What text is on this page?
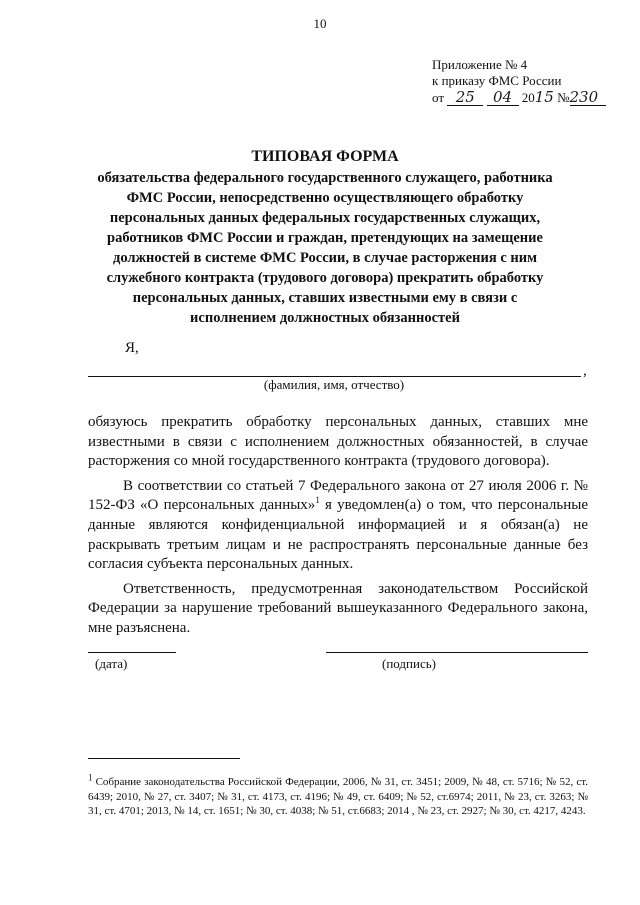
10
Приложение № 4
к приказу ФМС России
от 25 04 2015 №230
ТИПОВАЯ ФОРМА
обязательства федерального государственного служащего, работника ФМС России, непосредственно осуществляющего обработку персональных данных федеральных государственных служащих, работников ФМС России и граждан, претендующих на замещение должностей в системе ФМС России, в случае расторжения с ним служебного контракта (трудового договора) прекратить обработку персональных данных, ставших известными ему в связи с исполнением должностных обязанностей
Я,
,
(фамилия, имя, отчество)

обязуюсь прекратить обработку персональных данных, ставших мне известными в связи с исполнением должностных обязанностей, в случае расторжения со мной государственного контракта (трудового договора).

В соответствии со статьей 7 Федерального закона от 27 июля 2006 г. № 152-ФЗ «О персональных данных»$^1$ я уведомлен(а) о том, что персональные данные являются конфиденциальной информацией и я обязан(а) не раскрывать третьим лицам и не распространять персональные данные без согласия субъекта персональных данных.

Ответственность, предусмотренная законодательством Российской Федерации за нарушение требований вышеуказанного Федерального закона, мне разъяснена.

(дата)	(подпись)
$^1$ Собрание законодательства Российской Федерации, 2006, № 31, ст. 3451; 2009, № 48, ст. 5716; № 52, ст. 6439; 2010, № 27, ст. 3407; № 31, ст. 4173, ст. 4196; № 49, ст. 6409; № 52, ст.6974; 2011, № 23, ст. 3263; № 31, ст. 4701; 2013, № 14, ст. 1651; № 30, ст. 4038; № 51, ст.6683; 2014 , № 23, ст. 2927; № 30, ст. 4217, 4243.
